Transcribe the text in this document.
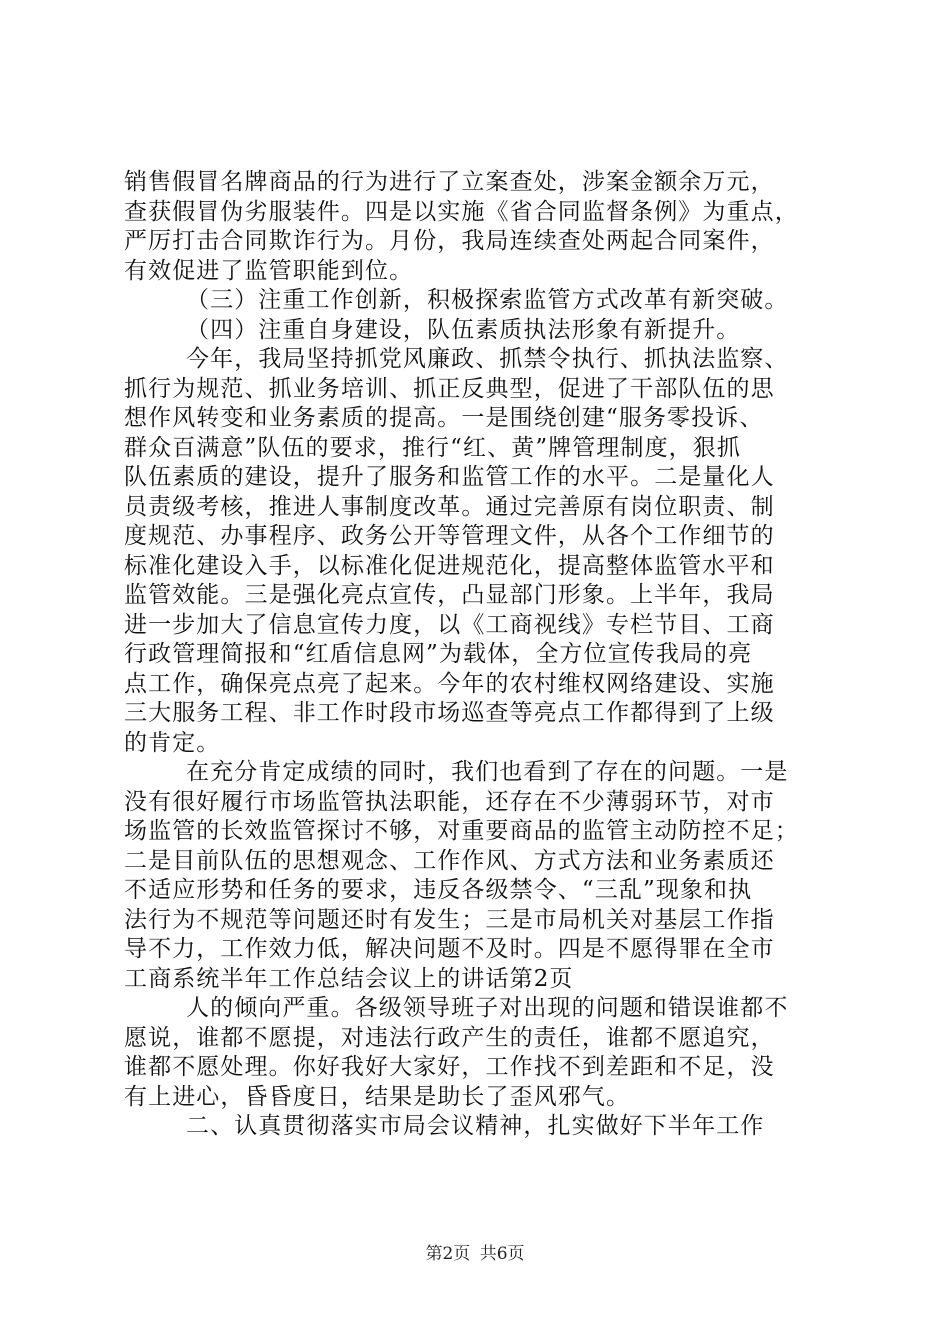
销售假冒名牌商品的行为进行了立案查处，涉案金额余万元，
查获假冒伪劣服装件。四是以实施《省合同监督条例》为重点，
严厉打击合同欺诈行为。月份，我局连续查处两起合同案件，
有效促进了监管职能到位。
（三）注重工作创新，积极探索监管方式改革有新突破。
（四）注重自身建设，队伍素质执法形象有新提升。
今年，我局坚持抓党风廉政、抓禁令执行、抓执法监察、
抓行为规范、抓业务培训、抓正反典型，促进了干部队伍的思
想作风转变和业务素质的提高。一是围绕创建“服务零投诉、
群众百满意”队伍的要求，推行“红、黄”牌管理制度，狠抓
队伍素质的建设，提升了服务和监管工作的水平。二是量化人
员责级考核，推进人事制度改革。通过完善原有岗位职责、制
度规范、办事程序、政务公开等管理文件，从各个工作细节的
标准化建设入手，以标准化促进规范化，提高整体监管水平和
监管效能。三是强化亮点宣传，凸显部门形象。上半年，我局
进一步加大了信息宣传力度，以《工商视线》专栏节目、工商
行政管理简报和“红盾信息网”为载体，全方位宣传我局的亮
点工作，确保亮点亮了起来。今年的农村维权网络建设、实施
三大服务工程、非工作时段市场巡查等亮点工作都得到了上级
的肯定。
在充分肯定成绩的同时，我们也看到了存在的问题。一是
没有很好履行市场监管执法职能，还存在不少薄弱环节，对市
场监管的长效监管探讨不够，对重要商品的监管主动防控不足；
二是目前队伍的思想观念、工作作风、方式方法和业务素质还
不适应形势和任务的要求，违反各级禁令、“三乱”现象和执
法行为不规范等问题还时有发生；三是市局机关对基层工作指
导不力，工作效力低，解决问题不及时。四是不愿得罪在全市
工商系统半年工作总结会议上的讲话第2页
人的倾向严重。各级领导班子对出现的问题和错误谁都不
愿说，谁都不愿提，对违法行政产生的责任，谁都不愿追究，
谁都不愿处理。你好我好大家好，工作找不到差距和不足，没
有上进心，昏昏度日，结果是助长了歪风邪气。
二、认真贯彻落实市局会议精神，扎实做好下半年工作
第2页 共6页
